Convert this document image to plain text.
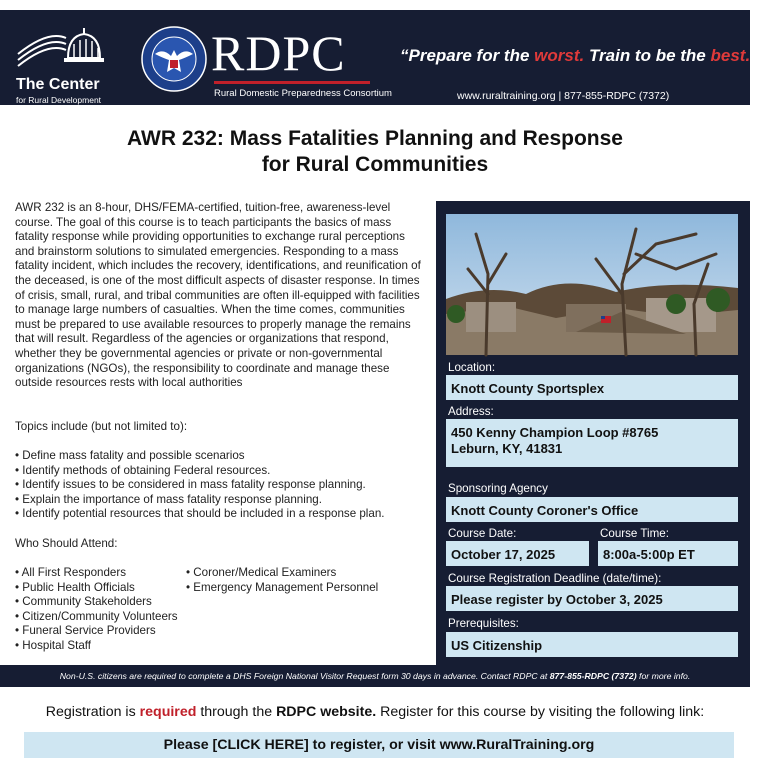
The Center
for Rural Development
RDPC
Rural Domestic Preparedness Consortium
“Prepare for the worst. Train to be the best.”
www.ruraltraining.org | 877-855-RDPC (7372)
AWR 232: Mass Fatalities Planning and Response
for Rural Communities

AWR 232 is an 8-hour, DHS/FEMA-certified, tuition-free, awareness-level course. The goal of this course is to teach participants the basics of mass fatality response while providing opportunities to exchange rural perceptions and brainstorm solutions to simulated emergencies. Responding to a mass fatality incident, which includes the recovery, identifications, and reunification of the deceased, is one of the most difficult aspects of disaster response. In times of crisis, small, rural, and tribal communities are often ill-equipped with facilities to manage large numbers of casualties. When the time comes, communities must be prepared to use available resources to properly manage the remains that will result. Regardless of the agencies or organizations that respond, whether they be governmental agencies or private or non-governmental organizations (NGOs), the responsibility to coordinate and manage these outside resources rests with local authorities

Topics include (but not limited to):
• Define mass fatality and possible scenarios
• Identify methods of obtaining Federal resources.
• Identify issues to be considered in mass fatality response planning.
• Explain the importance of mass fatality response planning.
• Identify potential resources that should be included in a response plan.
Who Should Attend:
• All First Responders
• Public Health Officials
• Community Stakeholders
• Citizen/Community Volunteers
• Funeral Service Providers
• Hospital Staff
• Coroner/Medical Examiners
• Emergency Management Personnel
Location:
Knott County Sportsplex
Address:
450 Kenny Champion Loop #8765
Leburn, KY, 41831
Sponsoring Agency
Knott County Coroner's Office
Course Date:
October 17, 2025
Course Time:
8:00a-5:00p ET
Course Registration Deadline (date/time):
Please register by October 3, 2025
Prerequisites:
US Citizenship
Non-U.S. citizens are required to complete a DHS Foreign National Visitor Request form 30 days in advance. Contact RDPC at 877-855-RDPC (7372) for more info.
Registration is required through the RDPC website. Register for this course by visiting the following link:
Please [CLICK HERE] to register, or visit www.RuralTraining.org
